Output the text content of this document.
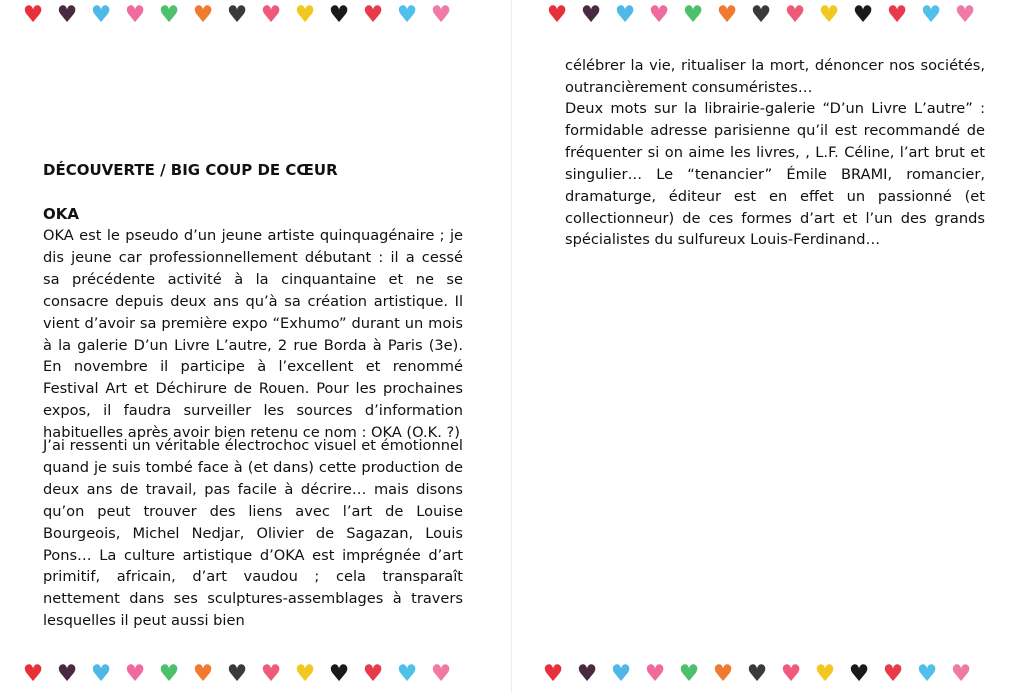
♥ ♥ ♥ ♥ ♥ ♥ ♥ ♥ ♥ ♥ ♥ ♥ ♥
DÉCOUVERTE / BIG COUP DE CŒUR
OKA

OKA est le pseudo d’un jeune artiste quinquagénaire ; je dis jeune car professionnellement débutant : il a cessé sa précédente activité à la cinquantaine et ne se consacre depuis deux ans qu’à sa création artistique. Il vient d’avoir sa première expo “Exhumo” durant un mois à la galerie D’un Livre L’autre, 2 rue Borda à Paris (3e). En novembre il participe à l’excellent et renommé Festival Art et Déchirure de Rouen. Pour les prochaines expos, il faudra surveiller les sources d’information habituelles après avoir bien retenu ce nom : OKA (O.K. ?)

J’ai ressenti un véritable électrochoc visuel et émotionnel quand je suis tombé face à (et dans) cette production de deux ans de travail, pas facile à décrire… mais disons qu’on peut trouver des liens avec l’art de Louise Bourgeois, Michel Nedjar, Olivier de Sagazan, Louis Pons… La culture artistique d’OKA est imprégnée d’art primitif, africain, d’art vaudou ; cela transparaît nettement dans ses sculptures-assemblages à travers lesquelles il peut aussi bien

♥ ♥ ♥ ♥ ♥ ♥ ♥ ♥ ♥ ♥ ♥ ♥ ♥
♥ ♥ ♥ ♥ ♥ ♥ ♥ ♥ ♥ ♥ ♥ ♥ ♥
♥ ♥ ♥ ♥ ♥ ♥ ♥ ♥ ♥ ♥ ♥ ♥ ♥

célébrer la vie, ritualiser la mort, dénoncer nos sociétés, outrancièrement consuméristes…

Deux mots sur la librairie-galerie “D’un Livre L’autre” : formidable adresse parisienne qu’il est recommandé de fréquenter si on aime les livres, , L.F. Céline, l’art brut et singulier… Le “tenancier” Émile BRAMI, romancier, dramaturge, éditeur est en effet un passionné (et collectionneur) de ces formes d’art et l’un des grands spécialistes du sulfureux Louis-Ferdinand…
